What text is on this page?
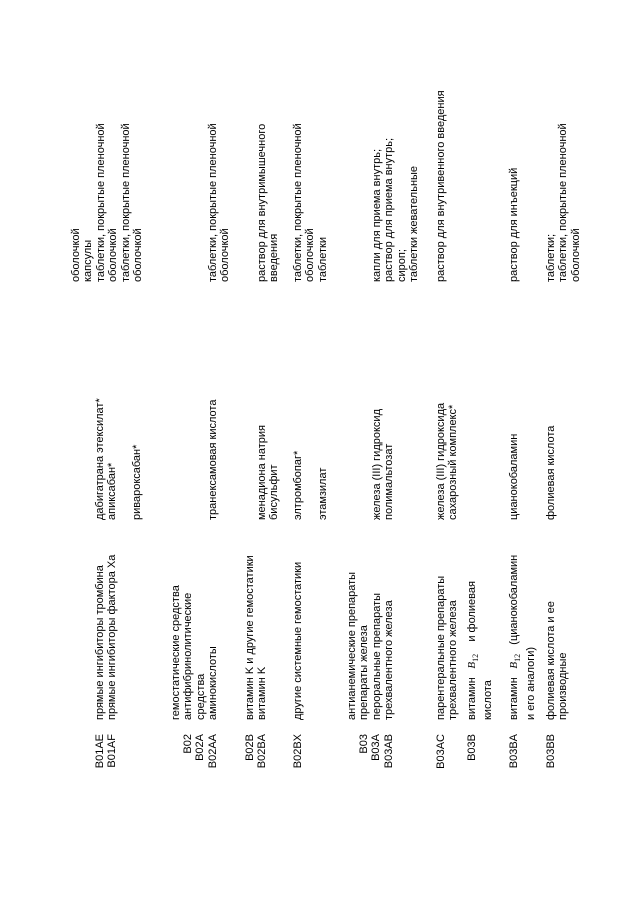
B01AE B01AF
прямые ингибиторы тромбина прямые ингибиторы фактора Xa
дабигатрана этексилат* апиксабан*
ривароксабан*
оболочкой капсулы таблетки, покрытые пленочной оболочкой таблетки, покрытые пленочной оболочкой
B02 B02A
гемостатические средства антифибринолитические средства
B02AA
аминокислоты
транексамовая кислота
таблетки, покрытые пленочной оболочкой
B02B B02BA
витамин K и другие гемостатики витамин K
менадиона натрия бисульфит
раствор для внутримышечного введения
B02BX
другие системные гемостатики
элтромбопаг*
этамзилат
таблетки, покрытые пленочной оболочкой таблетки
B03 B03A B03AB
антианемические препараты препараты железа пероральные препараты трехвалентного железа

железа (III) гидроксид полимальтозат

капли для приема внутрь; раствор для приема внутрь; сироп; таблетки жевательные
B03AC
B03B
парентеральные препараты трехвалентного железа витамин   $B_{12}$    и фолиевая
кислота
железа (III) гидроксида сахарозный комплекс*
раствор для внутривенного введения
B03BA
витамин   $B_{12}$   (цианокобаламин
и его аналоги)
цианокобаламин
раствор для инъекций
B03BB
фолиевая кислота и ее производные
фолиевая кислота
таблетки; таблетки, покрытые пленочной оболочкой
